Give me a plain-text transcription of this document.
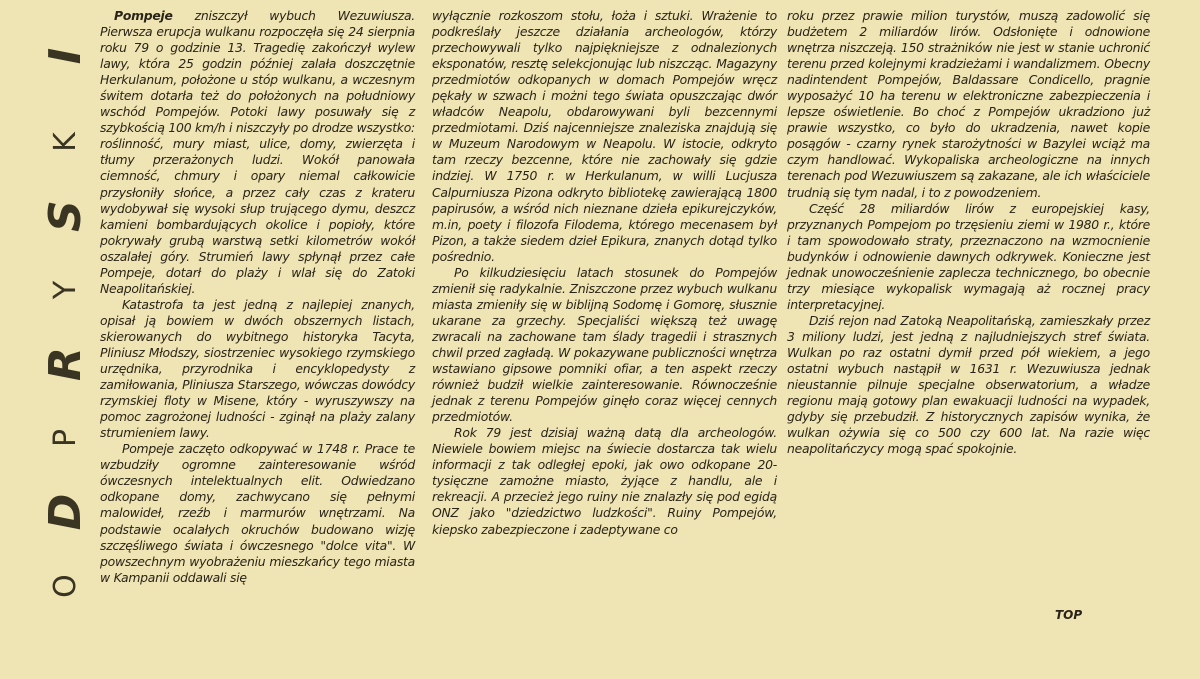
O
D
P
R
Y
S
K
I

Pompeje zniszczył wybuch Wezuwiusza. Pierwsza erupcja wulkanu rozpoczęła się 24 sierpnia roku 79 o godzinie 13. Tragedię zakończył wylew lawy, która 25 godzin później zalała doszczętnie Herkulanum, położone u stóp wulkanu, a wczesnym świtem dotarła też do położonych na południowy wschód Pompejów. Potoki lawy posuwały się z szybkością 100 km/h i niszczyły po drodze wszystko: roślinność, mury miast, ulice, domy, zwierzęta i tłumy przerażonych ludzi. Wokół panowała ciemność, chmury i opary niemal całkowicie przysłoniły słońce, a przez cały czas z krateru wydobywał się wysoki słup trującego dymu, deszcz kamieni bombardujących okolice i popioły, które pokrywały grubą warstwą setki kilometrów wokół oszalałej góry. Strumień lawy spłynął przez całe Pompeje, dotarł do plaży i wlał się do Zatoki Neapolitańskiej.

Katastrofa ta jest jedną z najlepiej znanych, opisał ją bowiem w dwóch obszernych listach, skierowanych do wybitnego historyka Tacyta, Pliniusz Młodszy, siostrzeniec wysokiego rzymskiego urzędnika, przyrodnika i encyklopedysty z zamiłowania, Pliniusza Starszego, wówczas dowódcy rzymskiej floty w Misene, który - wyruszywszy na pomoc zagrożonej ludności - zginął na plaży zalany strumieniem lawy.

Pompeje zaczęto odkopywać w 1748 r. Prace te wzbudziły ogromne zainteresowanie wśród ówczesnych intelektualnych elit. Odwiedzano odkopane domy, zachwycano się pełnymi malowideł, rzeźb i marmurów wnętrzami. Na podstawie ocalałych okruchów budowano wizję szczęśliwego świata i ówczesnego "dolce vita". W powszechnym wyobrażeniu mieszkańcy tego miasta w Kampanii oddawali się

wyłącznie rozkoszom stołu, łoża i sztuki. Wrażenie to podkreślały jeszcze działania archeologów, którzy przechowywali tylko najpiękniejsze z odnalezionych eksponatów, resztę selekcjonując lub niszcząc. Magazyny przedmiotów odkopanych w domach Pompejów wręcz pękały w szwach i możni tego świata opuszczając dwór władców Neapolu, obdarowywani byli bezcennymi przedmiotami. Dziś najcenniejsze znaleziska znajdują się w Muzeum Narodowym w Neapolu. W istocie, odkryto tam rzeczy bezcenne, które nie zachowały się gdzie indziej. W 1750 r. w Herkulanum, w willi Lucjusza Calpurniusza Pizona odkryto bibliotekę zawierającą 1800 papirusów, a wśród nich nieznane dzieła epikurejczyków, m.in, poety i filozofa Filodema, którego mecenasem był Pizon, a także siedem dzieł Epikura, znanych dotąd tylko pośrednio.

Po kilkudziesięciu latach stosunek do Pompejów zmienił się radykalnie. Zniszczone przez wybuch wulkanu miasta zmieniły się w biblijną Sodomę i Gomorę, słusznie ukarane za grzechy. Specjaliści większą też uwagę zwracali na zachowane tam ślady tragedii i strasznych chwil przed zagładą. W pokazywane publiczności wnętrza wstawiano gipsowe pomniki ofiar, a ten aspekt rzeczy również budził wielkie zainteresowanie. Równocześnie jednak z terenu Pompejów ginęło coraz więcej cennych przedmiotów.

Rok 79 jest dzisiaj ważną datą dla archeologów. Niewiele bowiem miejsc na świecie dostarcza tak wielu informacji z tak odległej epoki, jak owo odkopane 20-tysięczne zamożne miasto, żyjące z handlu, ale i rekreacji. A przecież jego ruiny nie znalazły się pod egidą ONZ jako "dziedzictwo ludzkości". Ruiny Pompejów, kiepsko zabezpieczone i zadeptywane co

roku przez prawie milion turystów, muszą zadowolić się budżetem 2 miliardów lirów. Odsłonięte i odnowione wnętrza niszczeją. 150 strażników nie jest w stanie uchronić terenu przed kolejnymi kradzieżami i wandalizmem. Obecny nadintendent Pompejów, Baldassare Condicello, pragnie wyposażyć 10 ha terenu w elektroniczne zabezpieczenia i lepsze oświetlenie. Bo choć z Pompejów ukradziono już prawie wszystko, co było do ukradzenia, nawet kopie posągów - czarny rynek starożytności w Bazylei wciąż ma czym handlować. Wykopaliska archeologiczne na innych terenach pod Wezuwiuszem są zakazane, ale ich właściciele trudnią się tym nadal, i to z powodzeniem.

Część 28 miliardów lirów z europejskiej kasy, przyznanych Pompejom po trzęsieniu ziemi w 1980 r., które i tam spowodowało straty, przeznaczono na wzmocnienie budynków i odnowienie dawnych odkrywek. Konieczne jest jednak unowocześnienie zaplecza technicznego, bo obecnie trzy miesiące wykopalisk wymagają aż rocznej pracy interpretacyjnej.

Dziś rejon nad Zatoką Neapolitańską, zamieszkały przez 3 miliony ludzi, jest jedną z najludniejszych stref świata. Wulkan po raz ostatni dymił przed pół wiekiem, a jego ostatni wybuch nastąpił w 1631 r. Wezuwiusza jednak nieustannie pilnuje specjalne obserwatorium, a władze regionu mają gotowy plan ewakuacji ludności na wypadek, gdyby się przebudził. Z historycznych zapisów wynika, że wulkan ożywia się co 500 czy 600 lat. Na razie więc neapolitańczycy mogą spać spokojnie.

TOP
